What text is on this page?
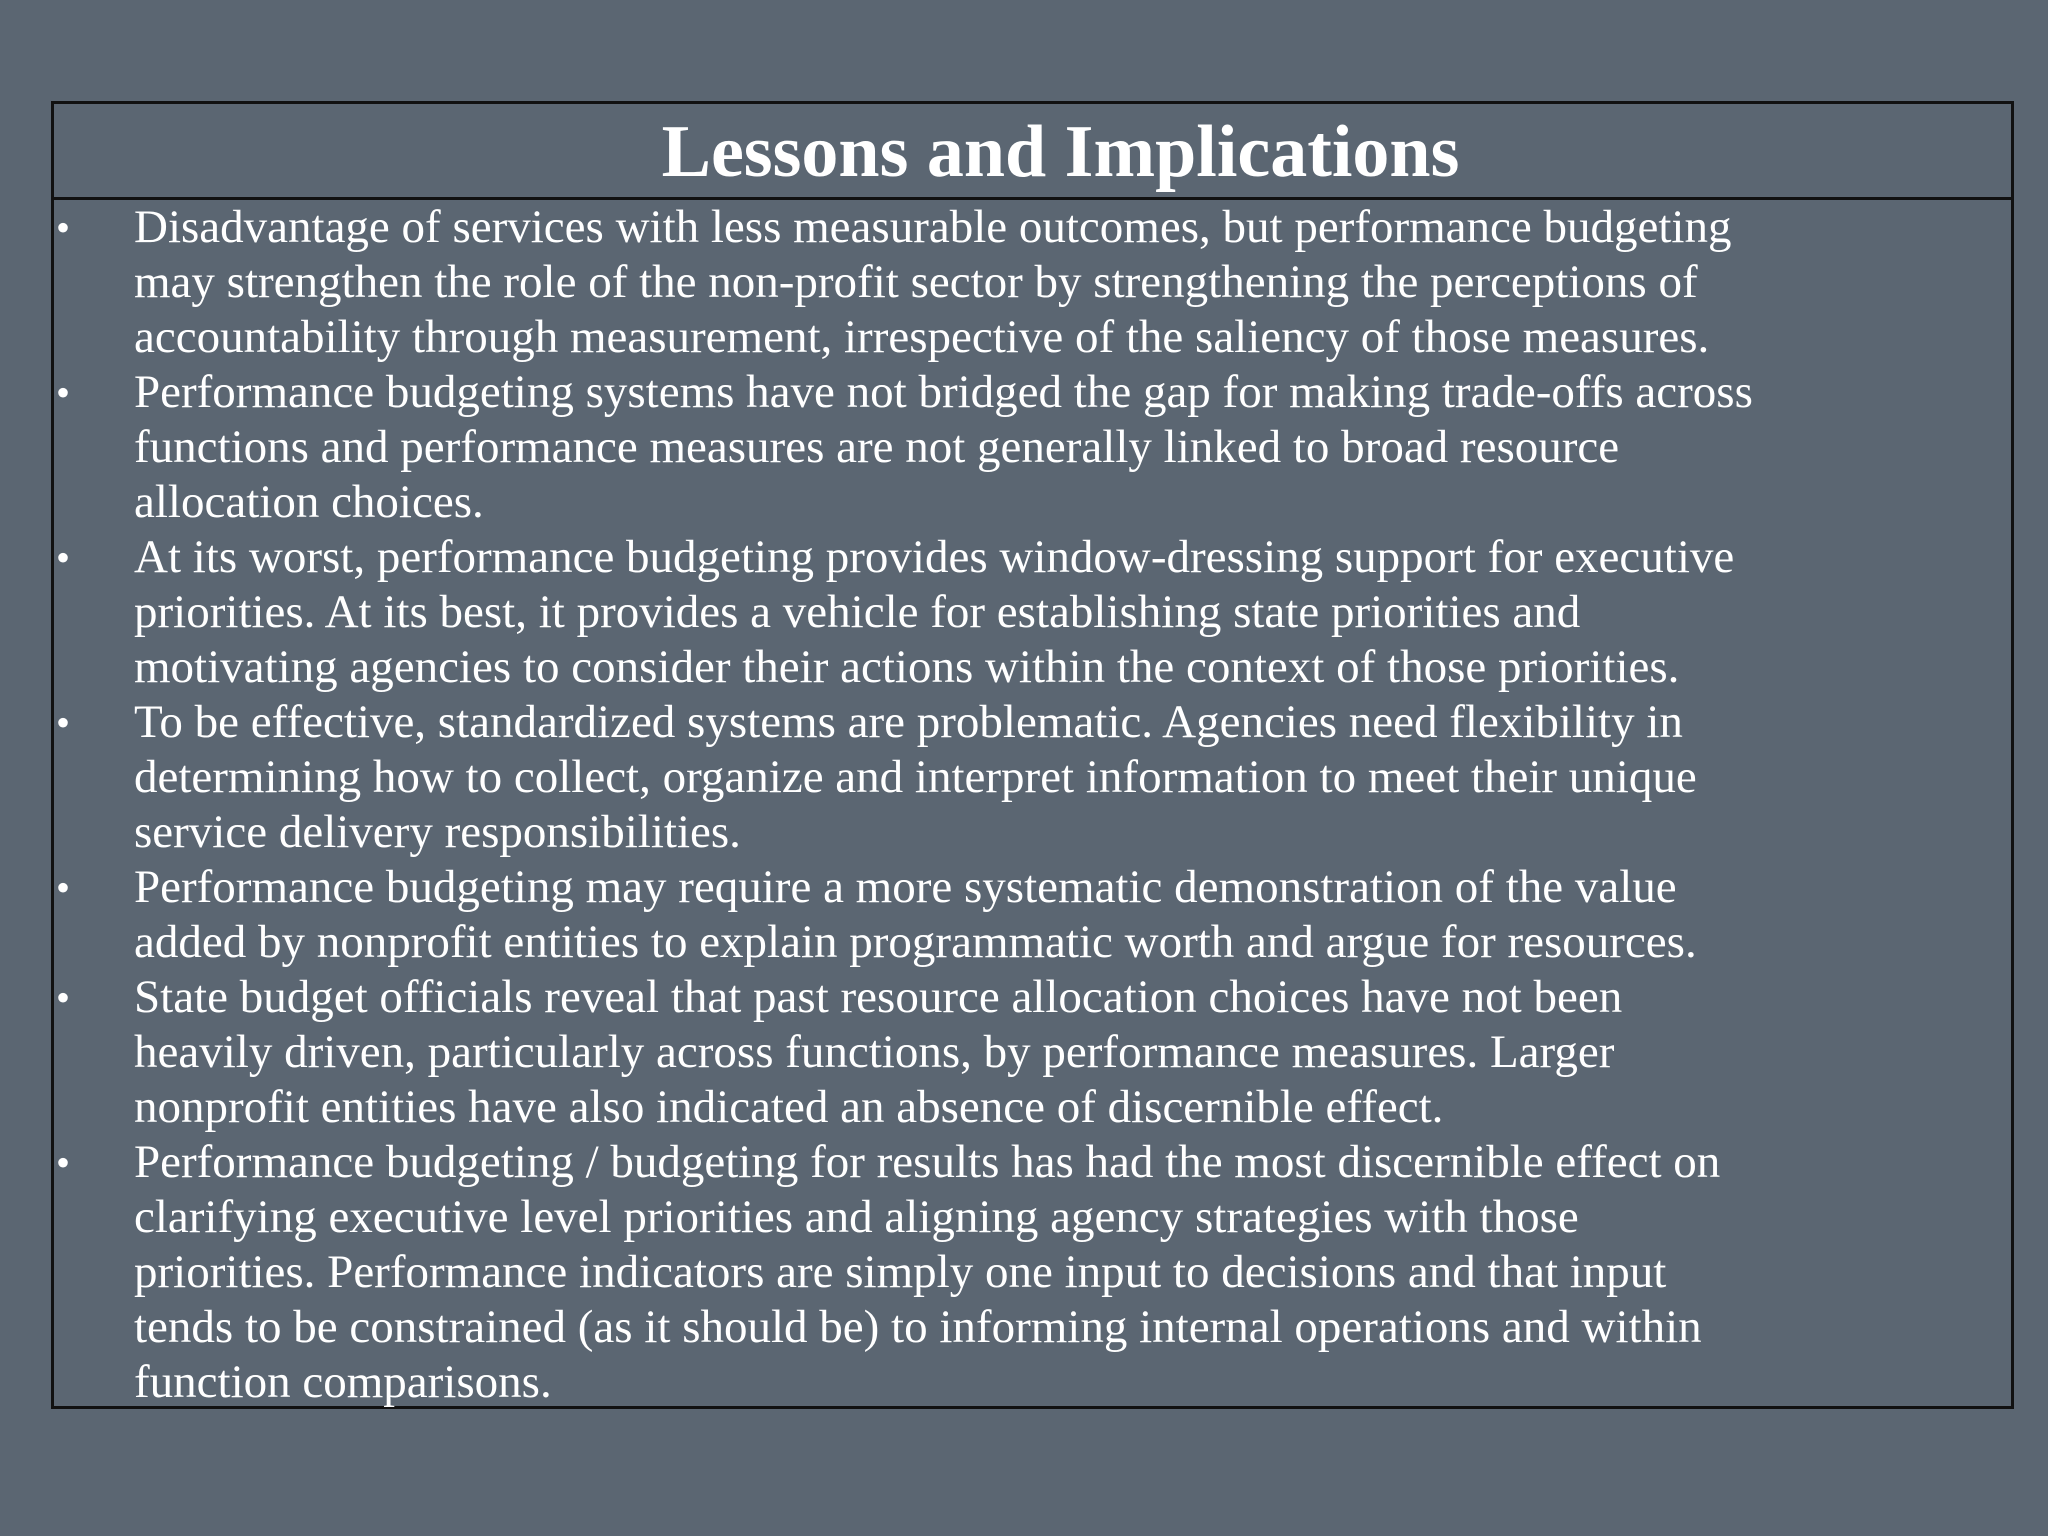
Lessons and Implications
• Disadvantage of services with less measurable outcomes, but performance budgeting
may strengthen the role of the non-profit sector by strengthening the perceptions of
accountability through measurement, irrespective of the saliency of those measures.
• Performance budgeting systems have not bridged the gap for making trade-offs across
functions and performance measures are not generally linked to broad resource
allocation choices.
• At its worst, performance budgeting provides window-dressing support for executive
priorities. At its best, it provides a vehicle for establishing state priorities and
motivating agencies to consider their actions within the context of those priorities.
• To be effective, standardized systems are problematic. Agencies need flexibility in
determining how to collect, organize and interpret information to meet their unique
service delivery responsibilities.
• Performance budgeting may require a more systematic demonstration of the value
added by nonprofit entities to explain programmatic worth and argue for resources.
• State budget officials reveal that past resource allocation choices have not been
heavily driven, particularly across functions, by performance measures. Larger
nonprofit entities have also indicated an absence of discernible effect.
• Performance budgeting / budgeting for results has had the most discernible effect on
clarifying executive level priorities and aligning agency strategies with those
priorities. Performance indicators are simply one input to decisions and that input
tends to be constrained (as it should be) to informing internal operations and within
function comparisons.
